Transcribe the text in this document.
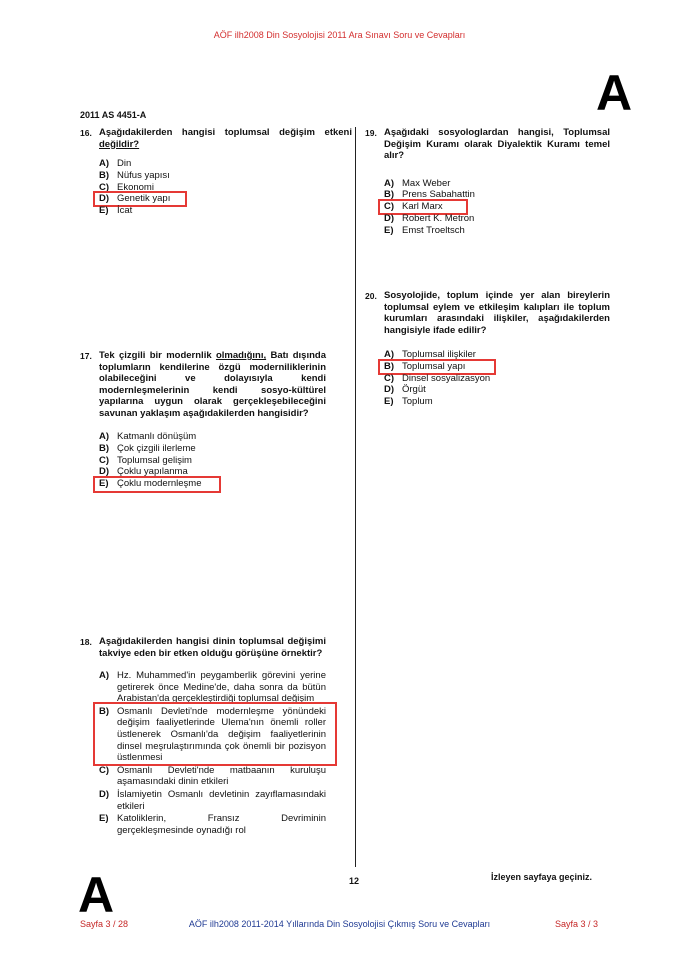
AÖF ilh2008 Din Sosyolojisi 2011 Ara Sınavı Soru ve Cevapları
A
2011 AS 4451-A
16. Aşağıdakilerden hangisi toplumsal değişim etkeni değildir?
A) Din
B) Nüfus yapısı
C) Ekonomi
D) Genetik yapı
E) İcat
17. Tek çizgili bir modernlik olmadığını, Batı dışında toplumların kendilerine özgü moderniliklerinin olabileceğini ve dolayısıyla kendi modernleşmelerinin kendi sosyo-kültürel yapılarına uygun olarak gerçekleşebileceğini savunan yaklaşım aşağıdakilerden hangisidir?
A) Katmanlı dönüşüm
B) Çok çizgili ilerleme
C) Toplumsal gelişim
D) Çoklu yapılanma
E) Çoklu modernleşme
18. Aşağıdakilerden hangisi dinin toplumsal değişimi takviye eden bir etken olduğu görüşüne örnektir?
A) Hz. Muhammed'in peygamberlik görevini yerine getirerek önce Medine'de, daha sonra da bütün Arabistan'da gerçekleştirdiği toplumsal değişim
B) Osmanlı Devleti'nde modernleşme yönündeki değişim faaliyetlerinde Ulema'nın önemli roller üstlenerek Osmanlı'da değişim faaliyetlerinin dinsel meşrulaştırımında çok önemli bir pozisyon üstlenmesi
C) Osmanlı Devleti'nde matbaanın kuruluşu aşamasındaki dinin etkileri
D) İslamiyetin Osmanlı devletinin zayıflamasındaki etkileri
E) Katoliklerin, Fransız Devriminin gerçekleşmesinde oynadığı rol
19. Aşağıdaki sosyologlardan hangisi, Toplumsal Değişim Kuramı olarak Diyalektik Kuramı temel alır?
A) Max Weber
B) Prens Sabahattin
C) Karl Marx
D) Robert K. Metron
E) Emst Troeltsch
20. Sosyolojide, toplum içinde yer alan bireylerin toplumsal eylem ve etkileşim kalıpları ile toplum kurumları arasındaki ilişkiler, aşağıdakilerden hangisiyle ifade edilir?
A) Toplumsal ilişkiler
B) Toplumsal yapı
C) Dinsel sosyalizasyon
D) Örgüt
E) Toplum
A	12	İzleyen sayfaya geçiniz.
Sayfa 3 / 28	AÖF ilh2008 2011-2014 Yıllarında Din Sosyolojisi Çıkmış Soru ve Cevapları	Sayfa 3 / 3
